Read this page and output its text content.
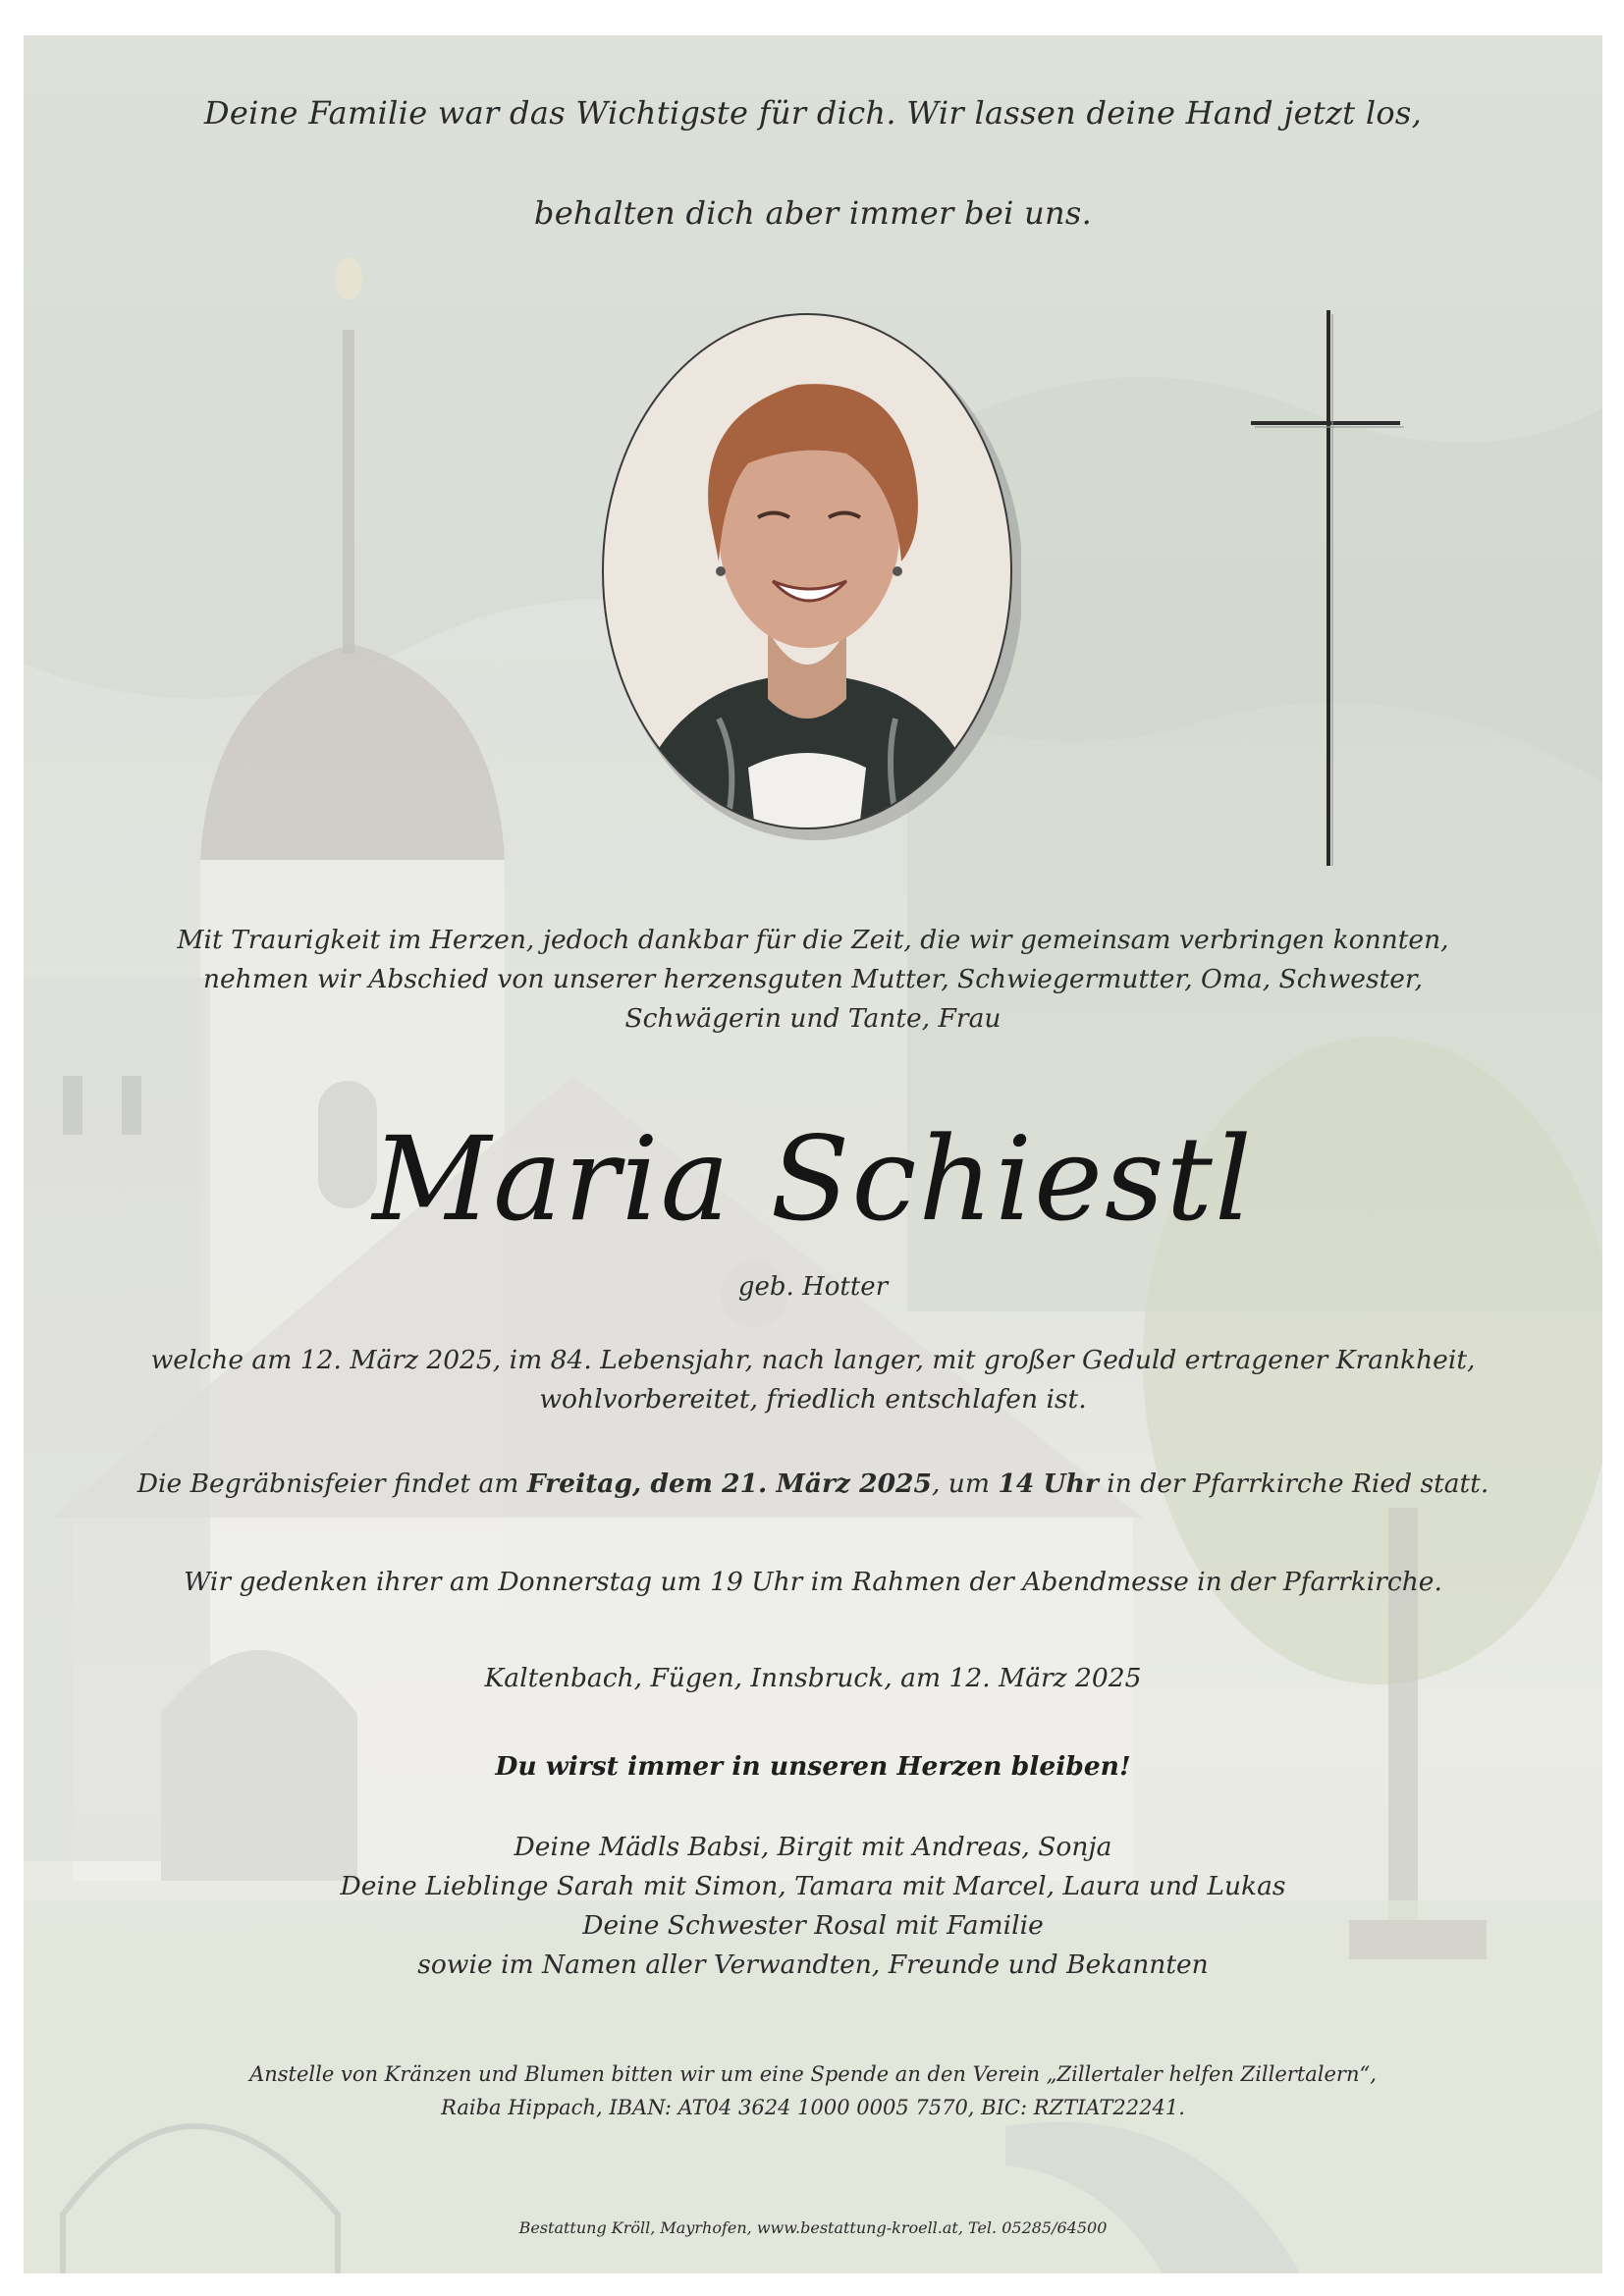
Deine Familie war das Wichtigste für dich. Wir lassen deine Hand jetzt los,
behalten dich aber immer bei uns.
Mit Traurigkeit im Herzen, jedoch dankbar für die Zeit, die wir gemeinsam verbringen konnten,
nehmen wir Abschied von unserer herzensguten Mutter, Schwiegermutter, Oma, Schwester,
Schwägerin und Tante, Frau
Maria Schiestl
geb. Hotter
welche am 12. März 2025, im 84. Lebensjahr, nach langer, mit großer Geduld ertragener Krankheit,
wohlvorbereitet, friedlich entschlafen ist.
Die Begräbnisfeier findet am Freitag, dem 21. März 2025, um 14 Uhr in der Pfarrkirche Ried statt.
Wir gedenken ihrer am Donnerstag um 19 Uhr im Rahmen der Abendmesse in der Pfarrkirche.
Kaltenbach, Fügen, Innsbruck, am 12. März 2025
Du wirst immer in unseren Herzen bleiben!
Deine Mädls Babsi, Birgit mit Andreas, Sonja
Deine Lieblinge Sarah mit Simon, Tamara mit Marcel, Laura und Lukas
Deine Schwester Rosal mit Familie
sowie im Namen aller Verwandten, Freunde und Bekannten
Anstelle von Kränzen und Blumen bitten wir um eine Spende an den Verein „Zillertaler helfen Zillertalern“,
Raiba Hippach, IBAN: AT04 3624 1000 0005 7570, BIC: RZTIAT22241.
Bestattung Kröll, Mayrhofen, www.bestattung-kroell.at, Tel. 05285/64500
